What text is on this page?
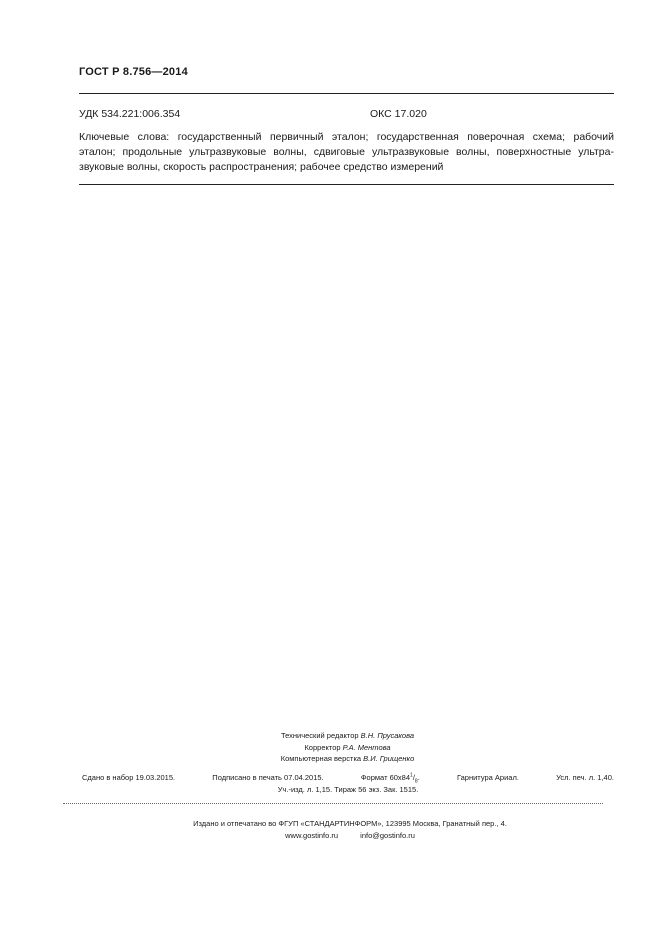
ГОСТ Р 8.756—2014
УДК 534.221:006.354	ОКС 17.020
Ключевые слова: государственный первичный эталон; государственная поверочная схема; рабочий
эталон; продольные ультразвуковые волны, сдвиговые ультразвуковые волны, поверхностные ультра-
звуковые волны, скорость распространения; рабочее средство измерений
Технический редактор В.Н. Прусакова
Корректор Р.А. Ментова
Компьютерная верстка В.И. Грищенко
Сдано в набор 19.03.2015.	Подписано в печать 07.04.2015.	Формат $60x84^1/_8$.	Гарнитура Ариал.	Усл. печ. л. 1,40.
Уч.-изд. л. 1,15. Тираж 56 экз. Зак. 1515.
Издано и отпечатано во ФГУП «СТАНДАРТИНФОРМ», 123995 Москва, Гранатный пер., 4.
www.gostinfo.ru	info@gostinfo.ru
